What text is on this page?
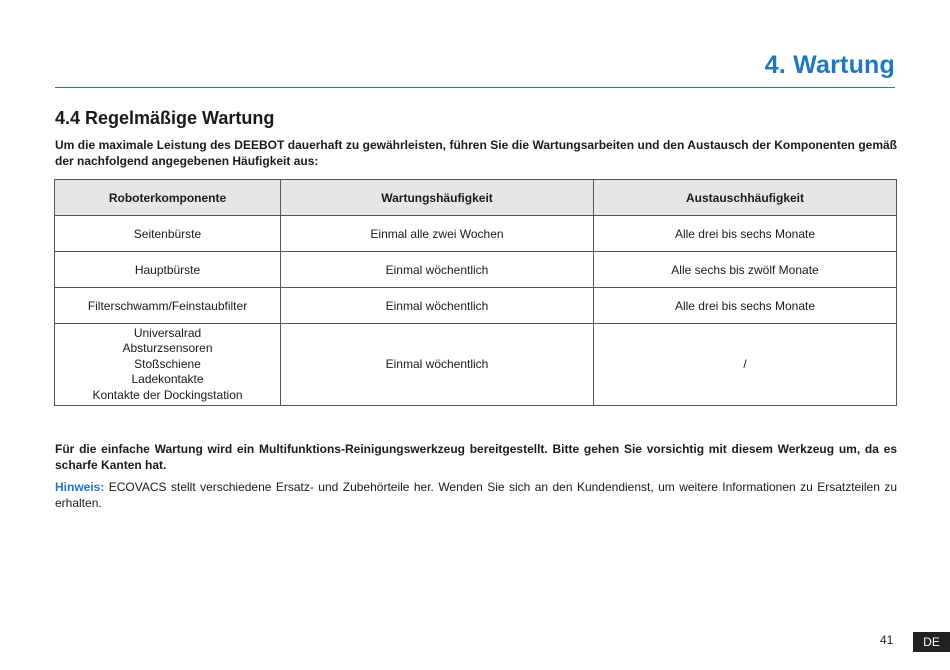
4. Wartung
4.4 Regelmäßige Wartung
Um die maximale Leistung des DEEBOT dauerhaft zu gewährleisten, führen Sie die Wartungsarbeiten und den Austausch der Komponenten gemäß der nachfolgend angegebenen Häufigkeit aus:
Roboterkomponente	Wartungshäufigkeit	Austauschhäufigkeit
Seitenbürste	Einmal alle zwei Wochen	Alle drei bis sechs Monate
Hauptbürste	Einmal wöchentlich	Alle sechs bis zwölf Monate
Filterschwamm/Feinstaubfilter	Einmal wöchentlich	Alle drei bis sechs Monate

Universalrad
Absturzsensoren
Stoßschiene
Ladekontakte
Kontakte der Dockingstation	Einmal wöchentlich	/
Für die einfache Wartung wird ein Multifunktions-Reinigungswerkzeug bereitgestellt. Bitte gehen Sie vorsichtig mit diesem Werkzeug um, da es scharfe Kanten hat.
Hinweis: ECOVACS stellt verschiedene Ersatz- und Zubehörteile her. Wenden Sie sich an den Kundendienst, um weitere Informationen zu Ersatzteilen zu erhalten.
41	DE
